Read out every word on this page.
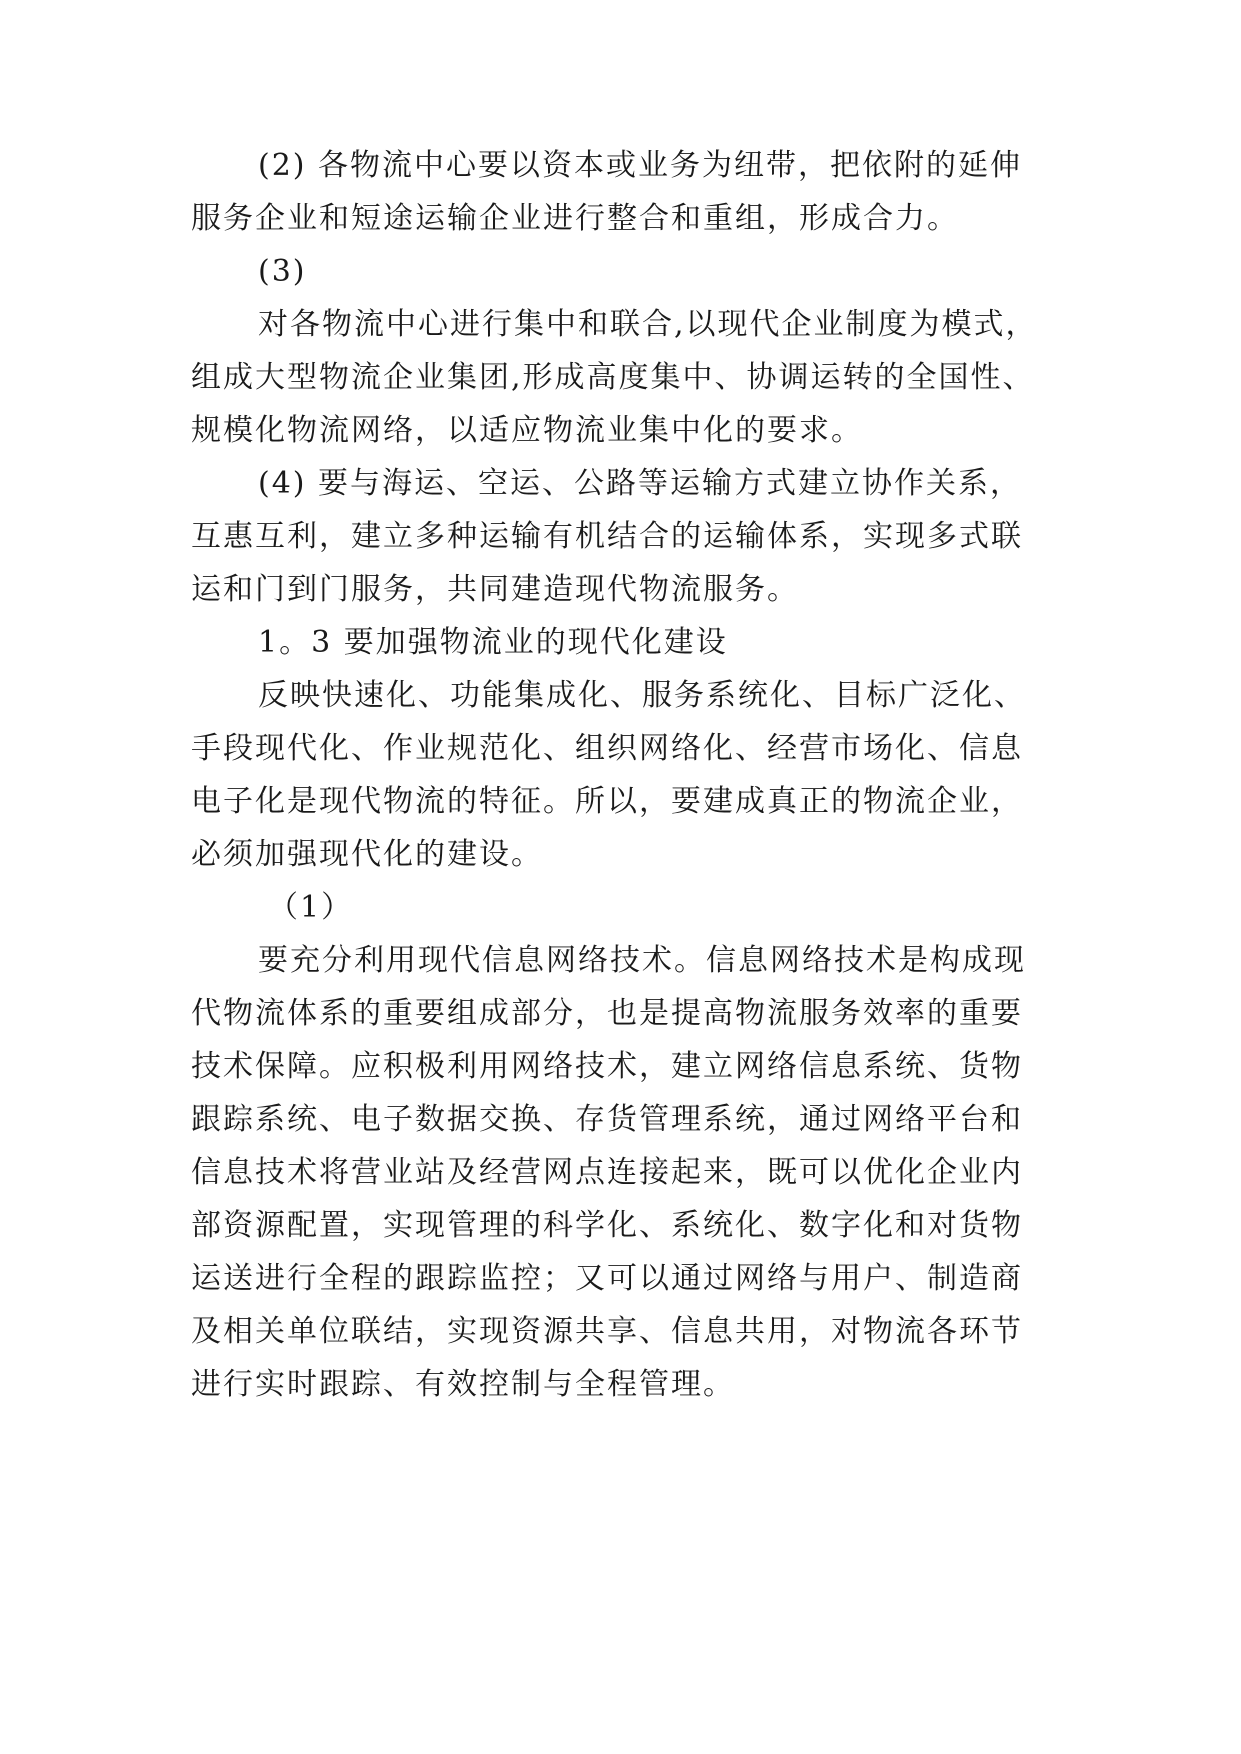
(2) 各物流中心要以资本或业务为纽带，把依附的延伸
服务企业和短途运输企业进行整合和重组，形成合力。
(3)
对各物流中心进行集中和联合,以现代企业制度为模式，
组成大型物流企业集团,形成高度集中、协调运转的全国性、
规模化物流网络，以适应物流业集中化的要求。
(4) 要与海运、空运、公路等运输方式建立协作关系，
互惠互利，建立多种运输有机结合的运输体系，实现多式联
运和门到门服务，共同建造现代物流服务。
1。3 要加强物流业的现代化建设
反映快速化、功能集成化、服务系统化、目标广泛化、
手段现代化、作业规范化、组织网络化、经营市场化、信息
电子化是现代物流的特征。所以，要建成真正的物流企业，
必须加强现代化的建设。
（1）
要充分利用现代信息网络技术。信息网络技术是构成现
代物流体系的重要组成部分，也是提高物流服务效率的重要
技术保障。应积极利用网络技术，建立网络信息系统、货物
跟踪系统、电子数据交换、存货管理系统，通过网络平台和
信息技术将营业站及经营网点连接起来，既可以优化企业内
部资源配置，实现管理的科学化、系统化、数字化和对货物
运送进行全程的跟踪监控；又可以通过网络与用户、制造商
及相关单位联结，实现资源共享、信息共用，对物流各环节
进行实时跟踪、有效控制与全程管理。
